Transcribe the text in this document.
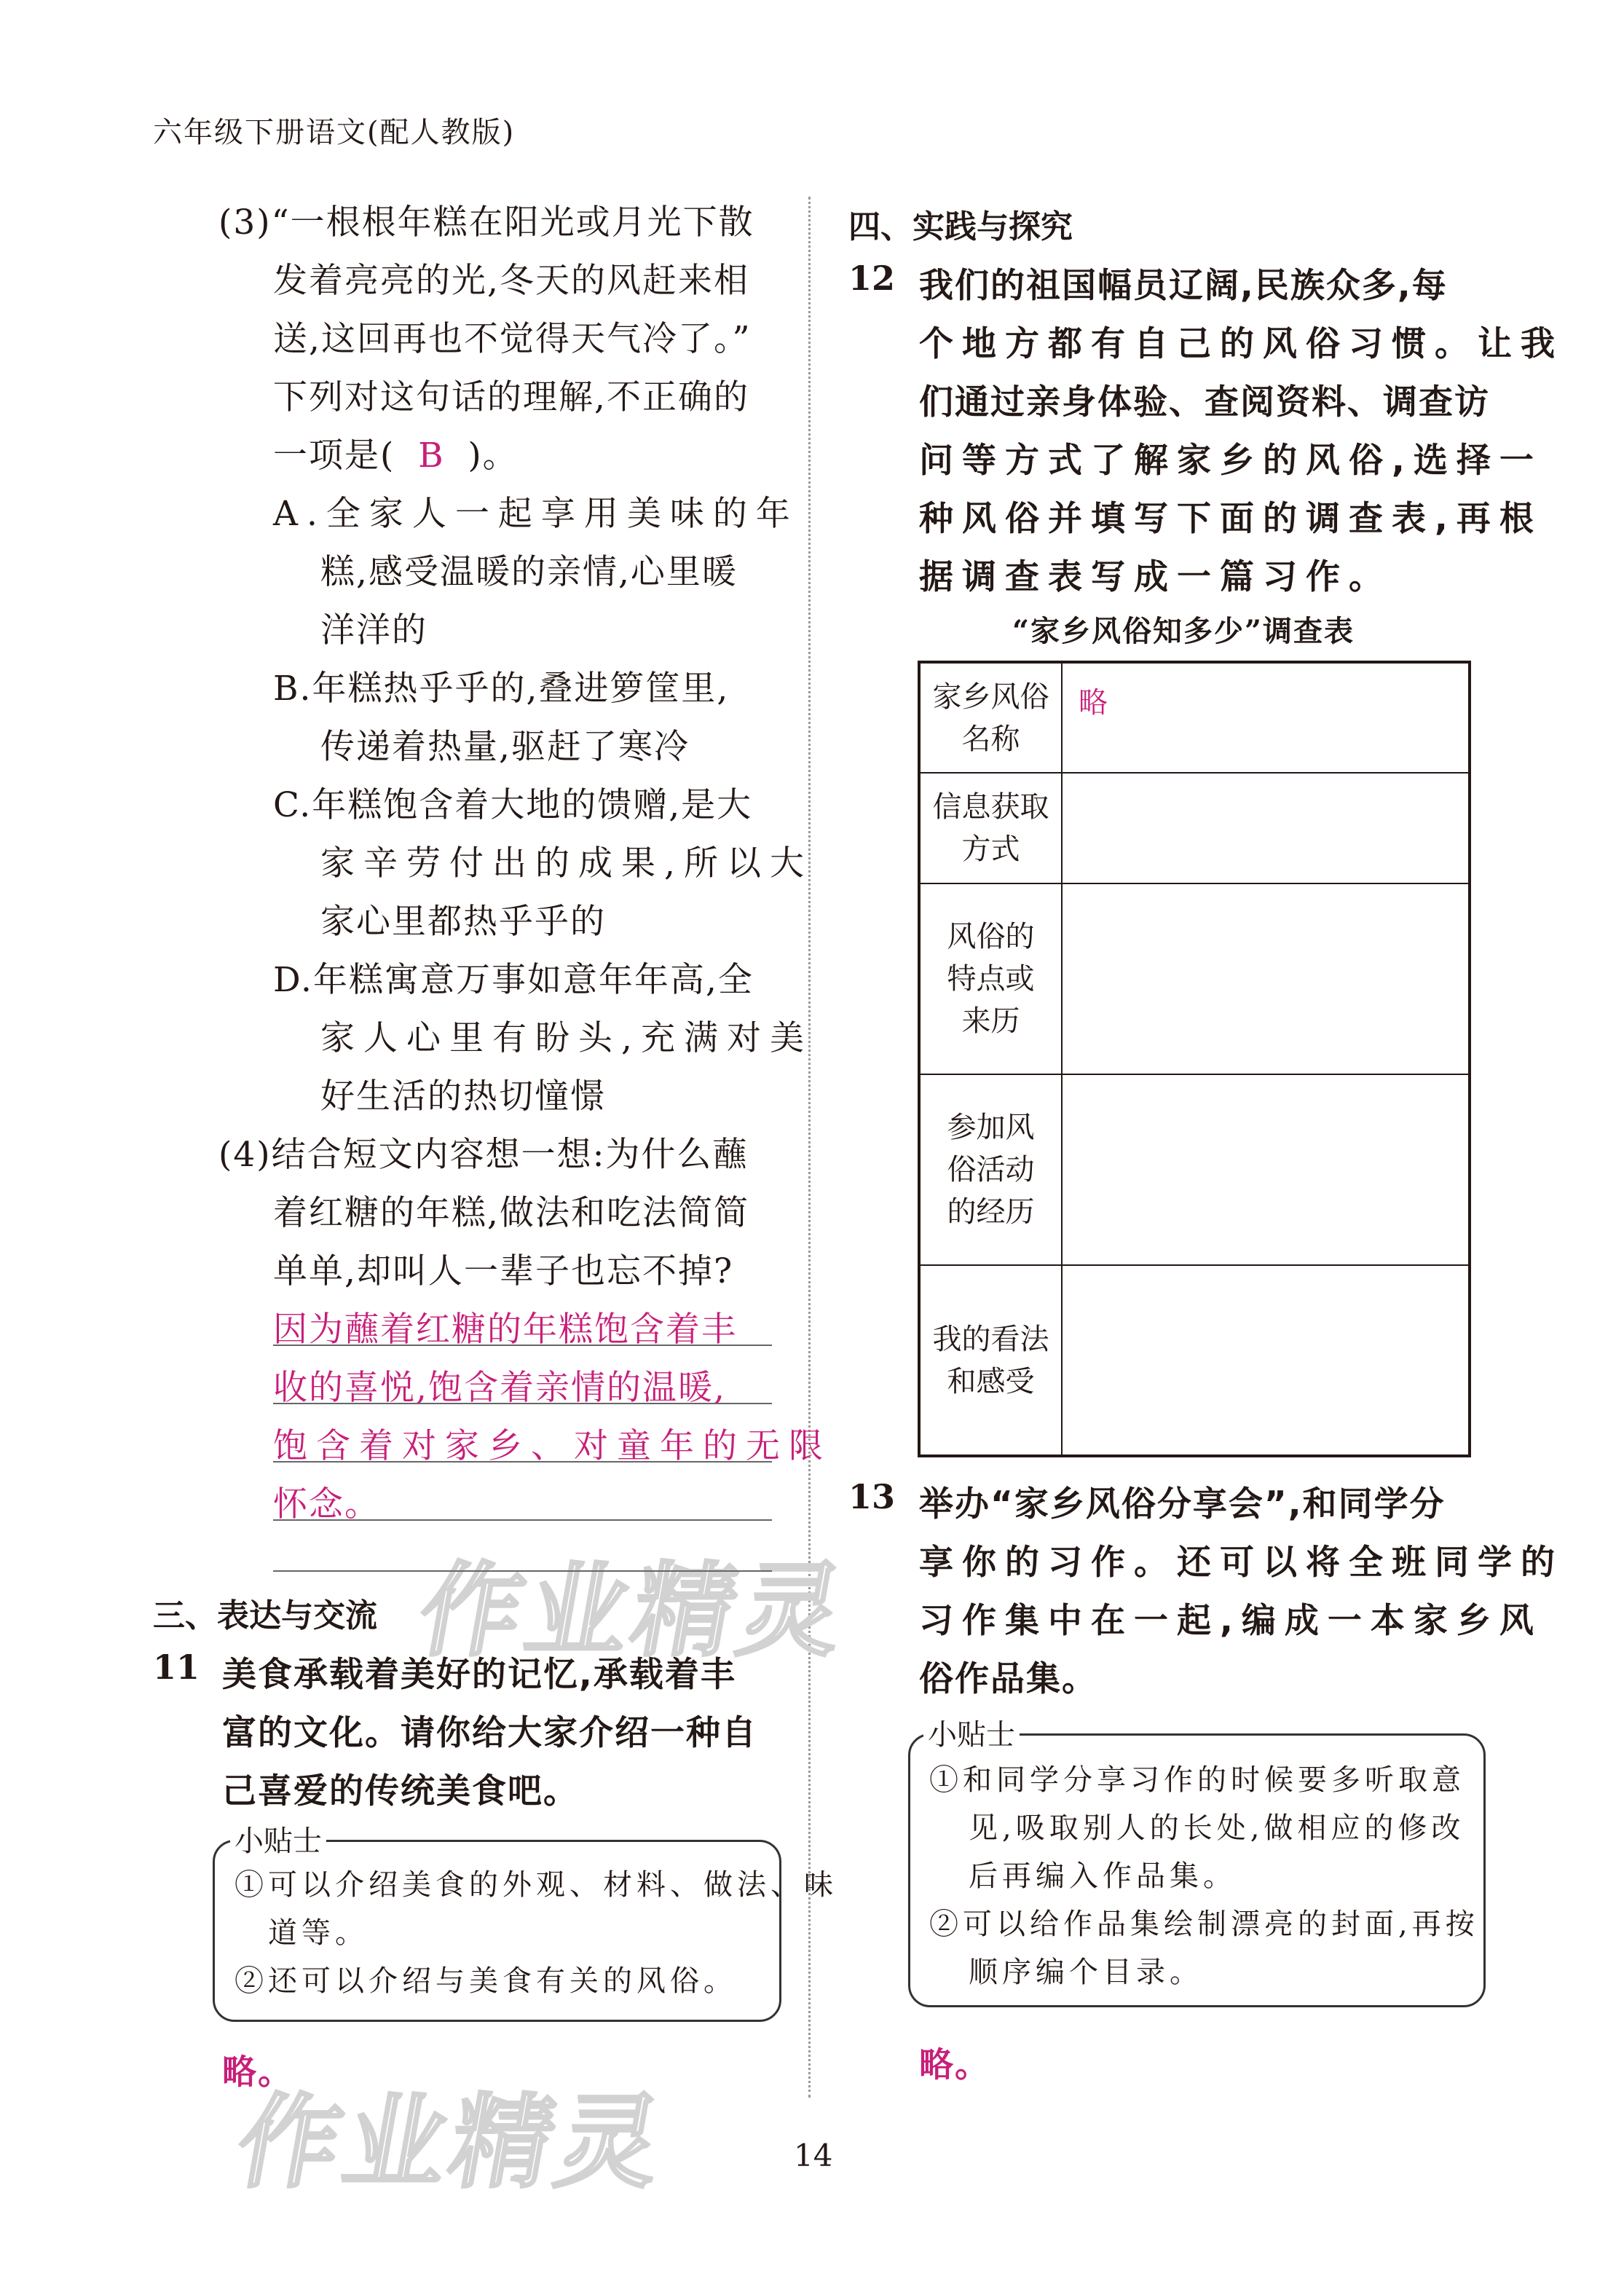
六年级下册语文(配人教版)
作业精灵
作业精灵
(3)“一根根年糕在阳光或月光下散
发着亮亮的光,冬天的风赶来相
送,这回再也不觉得天气冷了。”
下列对这句话的理解,不正确的
一项是( B )。
A.全家人一起享用美味的年
糕,感受温暖的亲情,心里暖
洋洋的
B.年糕热乎乎的,叠进箩筐里,
传递着热量,驱赶了寒冷
C.年糕饱含着大地的馈赠,是大
家辛劳付出的成果,所以大
家心里都热乎乎的
D.年糕寓意万事如意年年高,全
家人心里有盼头,充满对美
好生活的热切憧憬
(4)结合短文内容想一想:为什么蘸
着红糖的年糕,做法和吃法简简
单单,却叫人一辈子也忘不掉?
因为蘸着红糖的年糕饱含着丰
收的喜悦,饱含着亲情的温暖,
饱含着对家乡、对童年的无限
怀念。
三、表达与交流
11 美食承载着美好的记忆,承载着丰
富的文化。请你给大家介绍一种自
己喜爱的传统美食吧。
小贴士
①可以介绍美食的外观、材料、做法、味
道等。
②还可以介绍与美食有关的风俗。
略。
四、实践与探究
12 我们的祖国幅员辽阔,民族众多,每
个地方都有自己的风俗习惯。让我
们通过亲身体验、查阅资料、调查访
问等方式了解家乡的风俗,选择一
种风俗并填写下面的调查表,再根
据调查表写成一篇习作。
“家乡风俗知多少”调查表
家乡风俗
名称	略

信息获取
方式	

风俗的
特点或
来历	

参加风
俗活动
的经历	

我的看法
和感受	

13 举办“家乡风俗分享会”,和同学分
享你的习作。还可以将全班同学的
习作集中在一起,编成一本家乡风
俗作品集。
小贴士
①和同学分享习作的时候要多听取意
见,吸取别人的长处,做相应的修改
后再编入作品集。
②可以给作品集绘制漂亮的封面,再按
顺序编个目录。
略。
14
